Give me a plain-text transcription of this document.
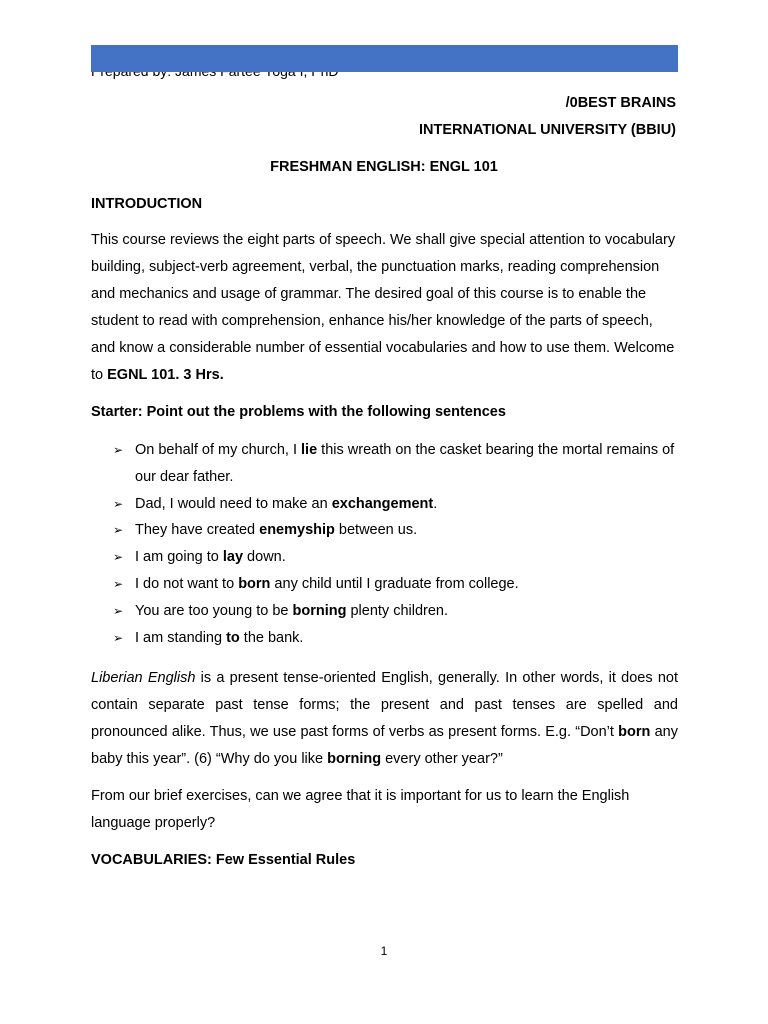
/0BEST BRAINS
INTERNATIONAL UNIVERSITY (BBIU)
FRESHMAN ENGLISH: ENGL 101
INTRODUCTION
This course reviews the eight parts of speech. We shall give special attention to vocabulary building, subject-verb agreement, verbal, the punctuation marks, reading comprehension and mechanics and usage of grammar. The desired goal of this course is to enable the student to read with comprehension, enhance his/her knowledge of the parts of speech, and know a considerable number of essential vocabularies and how to use them. Welcome to EGNL 101. 3 Hrs.
Starter: Point out the problems with the following sentences
➢ On behalf of my church, I lie this wreath on the casket bearing the mortal remains of our dear father.
➢ Dad, I would need to make an exchangement.
➢ They have created enemyship between us.
➢ I am going to lay down.
➢ I do not want to born any child until I graduate from college.
➢ You are too young to be borning plenty children.
➢ I am standing to the bank.
Liberian English is a present tense-oriented English, generally. In other words, it does not contain separate past tense forms; the present and past tenses are spelled and pronounced alike. Thus, we use past forms of verbs as present forms. E.g. “Don’t born any baby this year”. (6) “Why do you like borning every other year?”
From our brief exercises, can we agree that it is important for us to learn the English language properly?
VOCABULARIES: Few Essential Rules
1
